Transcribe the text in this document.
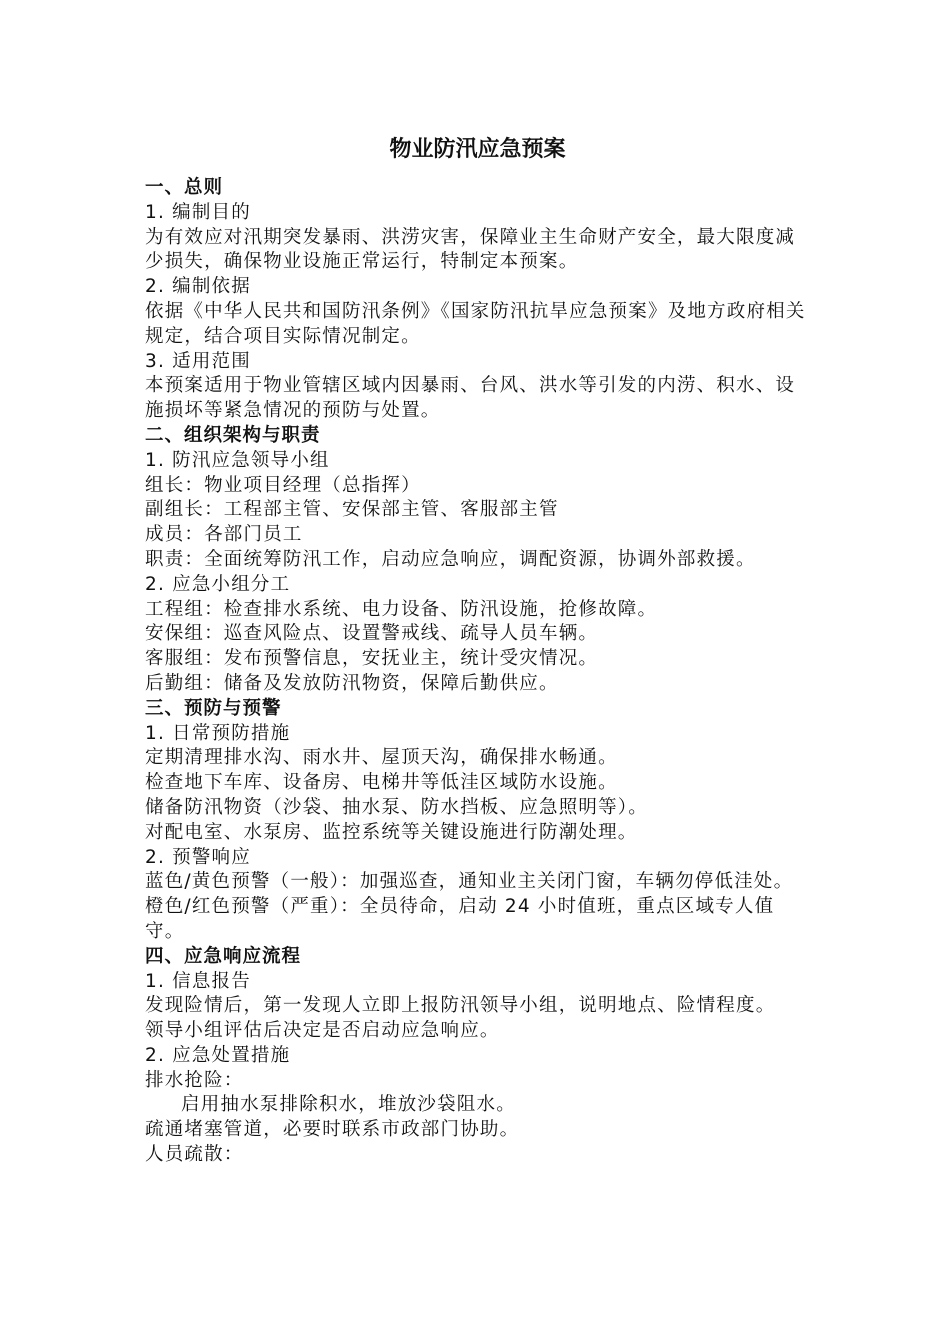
物业防汛应急预案

一、总则

1. 编制目的

为有效应对汛期突发暴雨、洪涝灾害，保障业主生命财产安全，最大限度减少损失，确保物业设施正常运行，特制定本预案。

2. 编制依据

依据《中华人民共和国防汛条例》《国家防汛抗旱应急预案》及地方政府相关规定，结合项目实际情况制定。

3. 适用范围

本预案适用于物业管辖区域内因暴雨、台风、洪水等引发的内涝、积水、设施损坏等紧急情况的预防与处置。

二、组织架构与职责

1. 防汛应急领导小组

组长：物业项目经理（总指挥）

副组长：工程部主管、安保部主管、客服部主管

成员：各部门员工

职责：全面统筹防汛工作，启动应急响应，调配资源，协调外部救援。

2. 应急小组分工

工程组：检查排水系统、电力设备、防汛设施，抢修故障。

安保组：巡查风险点、设置警戒线、疏导人员车辆。

客服组：发布预警信息，安抚业主，统计受灾情况。

后勤组：储备及发放防汛物资，保障后勤供应。

三、预防与预警

1. 日常预防措施

定期清理排水沟、雨水井、屋顶天沟，确保排水畅通。

检查地下车库、设备房、电梯井等低洼区域防水设施。

储备防汛物资（沙袋、抽水泵、防水挡板、应急照明等）。

对配电室、水泵房、监控系统等关键设施进行防潮处理。

2. 预警响应

蓝色/黄色预警（一般）：加强巡查，通知业主关闭门窗，车辆勿停低洼处。

橙色/红色预警（严重）：全员待命，启动 24 小时值班，重点区域专人值守。

四、应急响应流程

1. 信息报告

发现险情后，第一发现人立即上报防汛领导小组，说明地点、险情程度。

领导小组评估后决定是否启动应急响应。

2. 应急处置措施

排水抢险：

启用抽水泵排除积水，堆放沙袋阻水。

疏通堵塞管道，必要时联系市政部门协助。

人员疏散：
